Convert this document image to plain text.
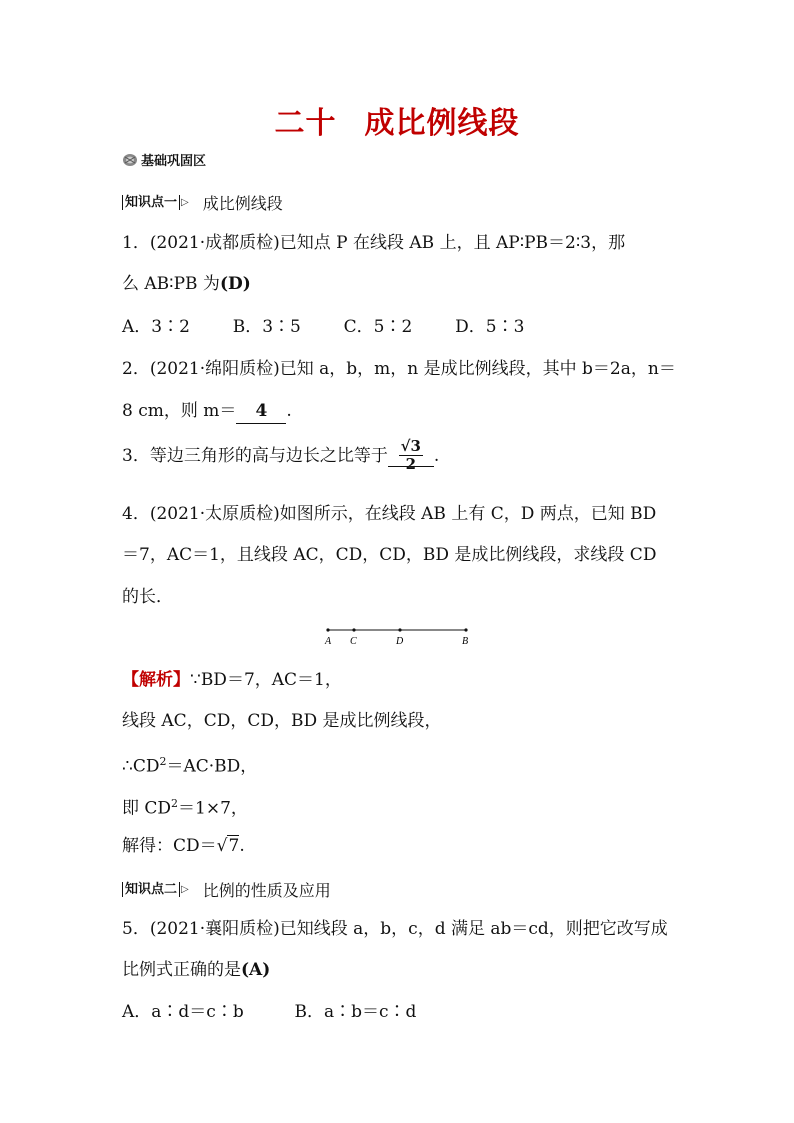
二十 成比例线段
基础巩固区
知识点一 ▷ 成比例线段
1．(2021·成都质检)已知点 P 在线段 AB 上，且 AP∶PB＝2∶3，那
么 AB∶PB 为(D)
A．3∶2	B．3∶5	C．5∶2	D．5∶3
2．(2021·绵阳质检)已知 a，b，m，n 是成比例线段，其中 b＝2a，n＝
8 cm，则 m＝ 4 .
3．等边三角形的高与边长之比等于 $\frac{√3}{2}$ .
4．(2021·太原质检)如图所示，在线段 AB 上有 C，D 两点，已知 BD
＝7，AC＝1，且线段 AC，CD，CD，BD 是成比例线段，求线段 CD
的长．
A C	D	B
【解析】∵BD＝7，AC＝1，
线段 AC，CD，CD，BD 是成比例线段，
$\therefore CD^2=AC\cdot BD$，
即 $CD^2=1\times 7$，
解得：CD＝√7.
知识点二 ▷ 比例的性质及应用
5．(2021·襄阳质检)已知线段 a，b，c，d 满足 ab＝cd，则把它改写成
比例式正确的是(A)
A．a∶d＝c∶b	B．a∶b＝c∶d
